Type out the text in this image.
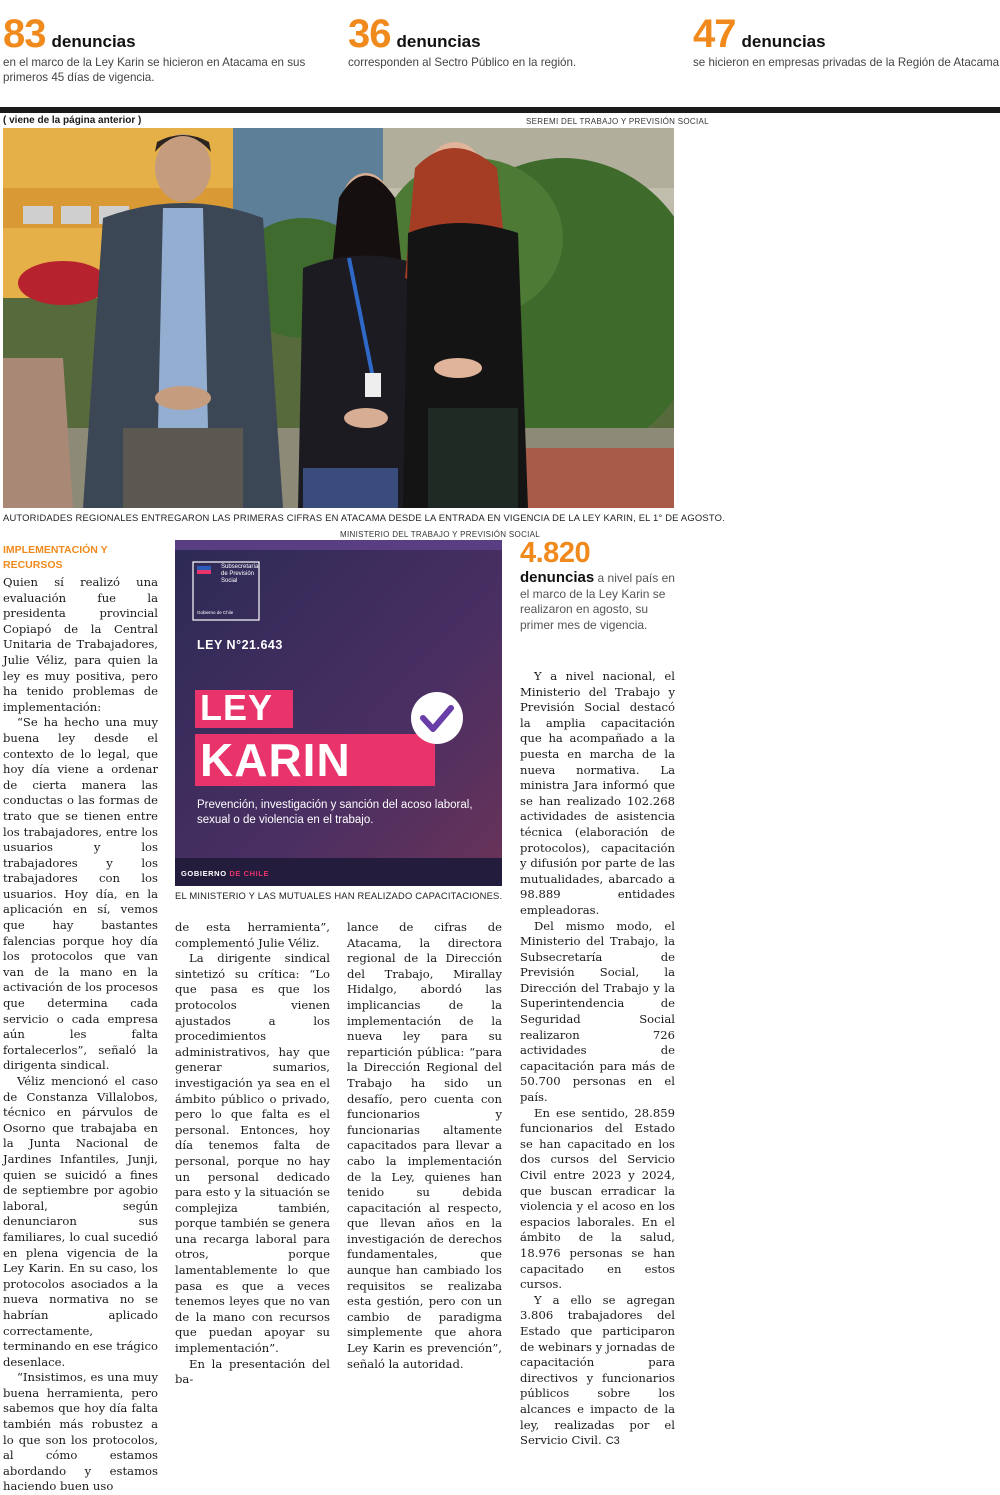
83 denuncias
en el marco de la Ley Karin se hicieron en Atacama en sus primeros 45 días de vigencia.
36 denuncias
corresponden al Sectro Público en la región.
47 denuncias
se hicieron en empresas privadas de la Región de Atacama
( viene de la página anterior )	SEREMI DEL TRABAJO Y PREVISIÓN SOCIAL
AUTORIDADES REGIONALES ENTREGARON LAS PRIMERAS CIFRAS EN ATACAMA DESDE LA ENTRADA EN VIGENCIA DE LA LEY KARIN, EL 1° DE AGOSTO.
MINISTERIO DEL TRABAJO Y PREVISIÓN SOCIAL
IMPLEMENTACIÓN Y RECURSOS

Quien sí realizó una evaluación fue la presidenta provincial Copiapó de la Central Unitaria de Trabajadores, Julie Véliz, para quien la ley es muy positiva, pero ha tenido problemas de implementación:

“Se ha hecho una muy buena ley desde el contexto de lo legal, que hoy día viene a ordenar de cierta manera las conductas o las formas de trato que se tienen entre los trabajadores, entre los usuarios y los trabajadores y los trabajadores con los usuarios. Hoy día, en la aplicación en sí, vemos que hay bastantes falencias porque hoy día los protocolos que van van de la mano en la activación de los procesos que determina cada servicio o cada empresa aún les falta fortalecerlos”, señaló la dirigenta sindical.

Véliz mencionó el caso de Constanza Villalobos, técnico en párvulos de Osorno que trabajaba en la Junta Nacional de Jardines Infantiles, Junji, quien se suicidó a fines de septiembre por agobio laboral, según denunciaron sus familiares, lo cual sucedió en plena vigencia de la Ley Karin. En su caso, los protocolos asociados a la nueva normativa no se habrían aplicado correctamente, terminando en ese trágico desenlace.

“Insistimos, es una muy buena herramienta, pero sabemos que hoy día falta también más robustez a lo que son los protocolos, al cómo estamos abordando y estamos haciendo buen uso

Subsecretaría
de Previsión
Social
Gobierno de Chile
LEY N°21.643
LEY
KARIN
Prevención, investigación y sanción del acoso laboral, sexual o de violencia en el trabajo.
GOBIERNO DE CHILE
EL MINISTERIO Y LAS MUTUALES HAN REALIZADO CAPACITACIONES.
4.820
denuncias a nivel país en el marco de la Ley Karin se realizaron en agosto, su primer mes de vigencia.

de esta herramienta”, complementó Julie Véliz.

La dirigente sindical sintetizó su crítica: “Lo que pasa es que los protocolos vienen ajustados a los procedimientos administrativos, hay que generar sumarios, investigación ya sea en el ámbito público o privado, pero lo que falta es el personal. Entonces, hoy día tenemos falta de personal, porque no hay un personal dedicado para esto y la situación se complejiza también, porque también se genera una recarga laboral para otros, porque lamentablemente lo que pasa es que a veces tenemos leyes que no van de la mano con recursos que puedan apoyar su implementación”.

En la presentación del ba-

lance de cifras de Atacama, la directora regional de la Dirección del Trabajo, Mirallay Hidalgo, abordó las implicancias de la implementación de la nueva ley para su repartición pública: “para la Dirección Regional del Trabajo ha sido un desafío, pero cuenta con funcionarios y funcionarias altamente capacitados para llevar a cabo la implementación de la Ley, quienes han tenido su debida capacitación al respecto, que llevan años en la investigación de derechos fundamentales, que aunque han cambiado los requisitos se realizaba esta gestión, pero con un cambio de paradigma simplemente que ahora Ley Karin es prevención”, señaló la autoridad.

Y a nivel nacional, el Ministerio del Trabajo y Previsión Social destacó la amplia capacitación que ha acompañado a la puesta en marcha de la nueva normativa. La ministra Jara informó que se han realizado 102.268 actividades de asistencia técnica (elaboración de protocolos), capacitación y difusión por parte de las mutualidades, abarcado a 98.889 entidades empleadoras.

Del mismo modo, el Ministerio del Trabajo, la Subsecretaría de Previsión Social, la Dirección del Trabajo y la Superintendencia de Seguridad Social realizaron 726 actividades de capacitación para más de 50.700 personas en el país.

En ese sentido, 28.859 funcionarios del Estado se han capacitado en los dos cursos del Servicio Civil entre 2023 y 2024, que buscan erradicar la violencia y el acoso en los espacios laborales. En el ámbito de la salud, 18.976 personas se han capacitado en estos cursos.

Y a ello se agregan 3.806 trabajadores del Estado que participaron de webinars y jornadas de capacitación para directivos y funcionarios públicos sobre los alcances e impacto de la ley, realizadas por el Servicio Civil. C3
